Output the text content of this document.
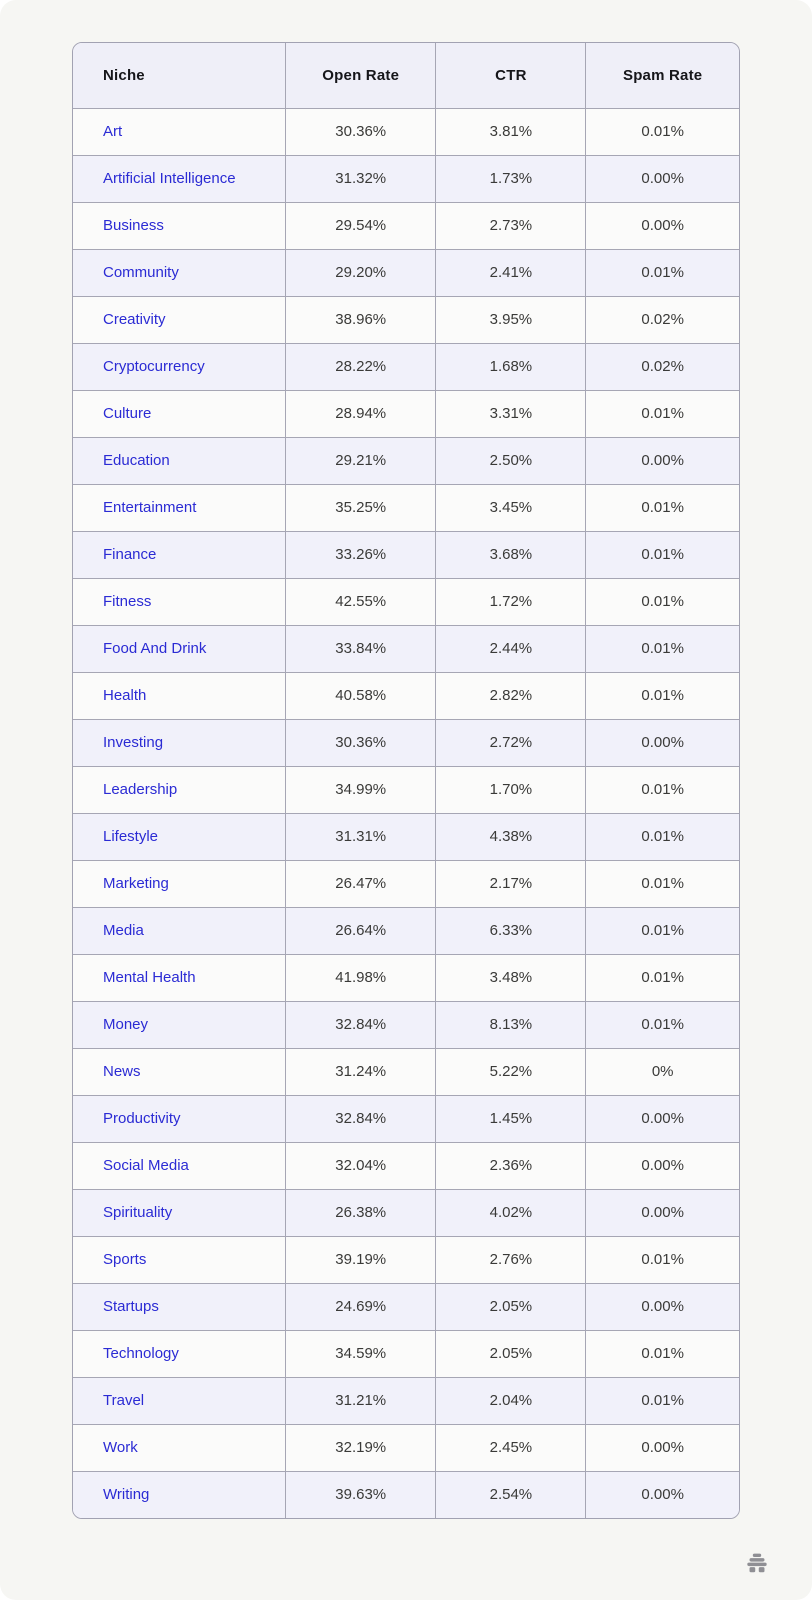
Niche	Open Rate	CTR	Spam Rate
Art	30.36%	3.81%	0.01%
Artificial Intelligence	31.32%	1.73%	0.00%
Business	29.54%	2.73%	0.00%
Community	29.20%	2.41%	0.01%
Creativity	38.96%	3.95%	0.02%
Cryptocurrency	28.22%	1.68%	0.02%
Culture	28.94%	3.31%	0.01%
Education	29.21%	2.50%	0.00%
Entertainment	35.25%	3.45%	0.01%
Finance	33.26%	3.68%	0.01%
Fitness	42.55%	1.72%	0.01%
Food And Drink	33.84%	2.44%	0.01%
Health	40.58%	2.82%	0.01%
Investing	30.36%	2.72%	0.00%
Leadership	34.99%	1.70%	0.01%
Lifestyle	31.31%	4.38%	0.01%
Marketing	26.47%	2.17%	0.01%
Media	26.64%	6.33%	0.01%
Mental Health	41.98%	3.48%	0.01%
Money	32.84%	8.13%	0.01%
News	31.24%	5.22%	0%
Productivity	32.84%	1.45%	0.00%
Social Media	32.04%	2.36%	0.00%
Spirituality	26.38%	4.02%	0.00%
Sports	39.19%	2.76%	0.01%
Startups	24.69%	2.05%	0.00%
Technology	34.59%	2.05%	0.01%
Travel	31.21%	2.04%	0.01%
Work	32.19%	2.45%	0.00%
Writing	39.63%	2.54%	0.00%
